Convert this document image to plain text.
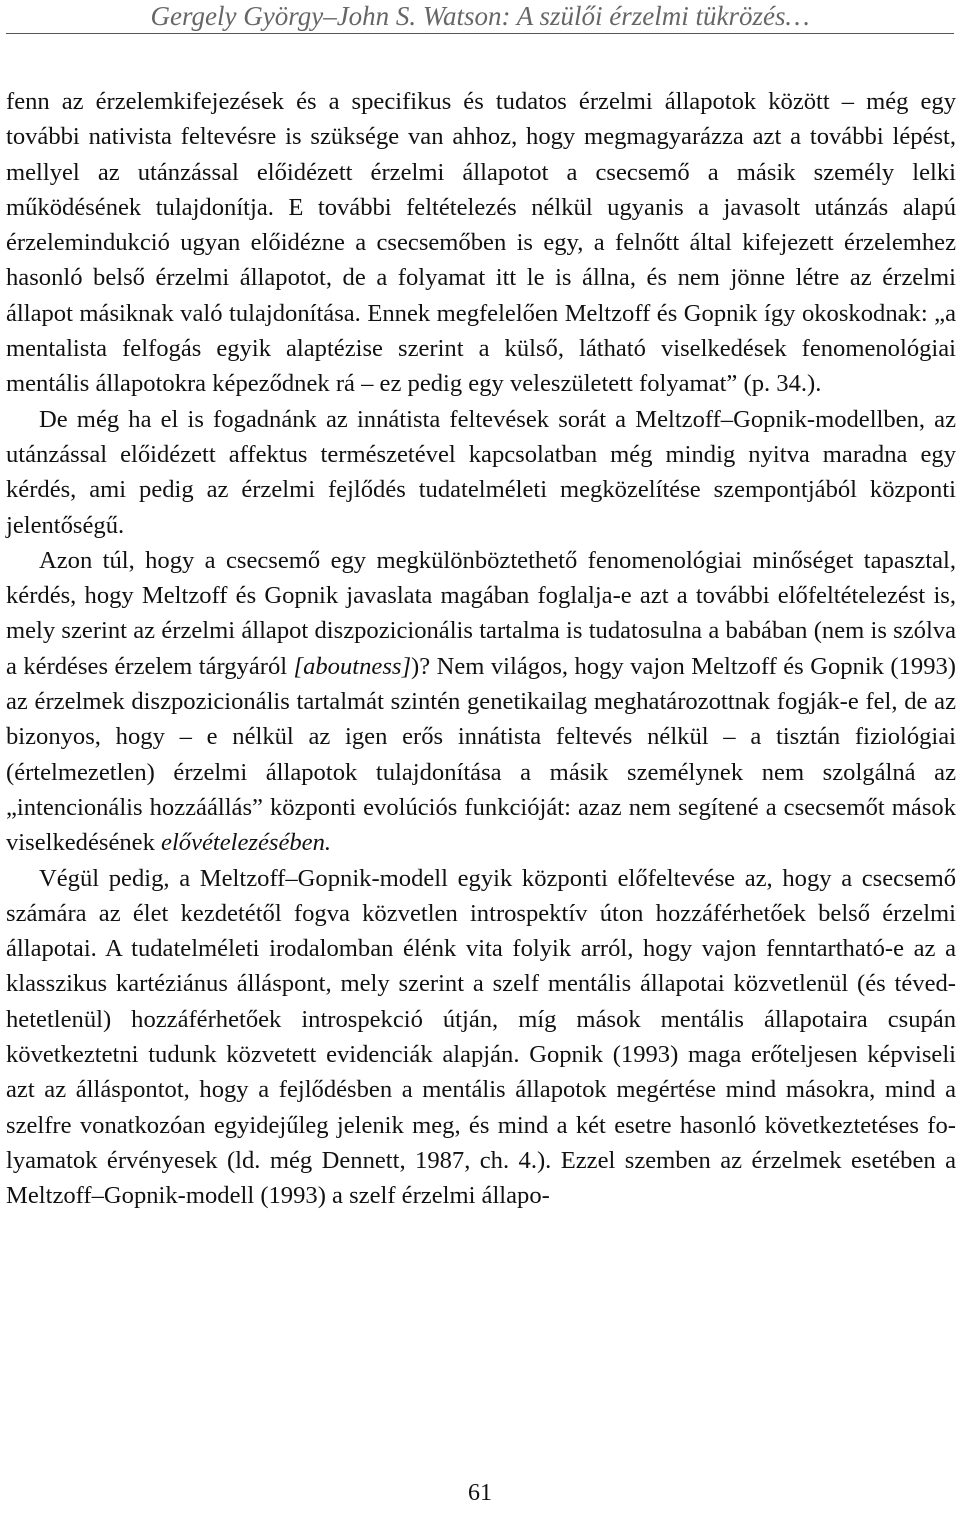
Gergely György–John S. Watson: A szülői érzelmi tükrözés…

fenn az érzelemkifejezések és a specifikus és tudatos érzelmi állapotok között – még egy további nativista feltevésre is szüksége van ahhoz, hogy megmagyarázza azt a további lépést, mellyel az utánzással előidézett érzelmi állapotot a csecsemő a másik személy lelki működésének tulajdonítja. E további feltételezés nélkül ugyanis a javasolt utánzás alapú érzelemindukció ugyan előidézne a csecsemőben is egy, a felnőtt által kifejezett érzelemhez hasonló belső érzelmi állapotot, de a folyamat itt le is állna, és nem jönne létre az érzelmi állapot másiknak való tulajdonítása. Ennek megfelelően Meltzoff és Gopnik így okoskodnak: „a mentalista felfogás egyik alaptézise szerint a külső, látható viselkedések fenomenológiai mentális állapotokra képeződnek rá – ez pedig egy veleszületett folyamat” (p. 34.).

De még ha el is fogadnánk az innátista feltevések sorát a Meltzoff–Gopnik-modellben, az utánzással előidézett affektus természetével kapcsolatban még mindig nyitva maradna egy kérdés, ami pedig az érzelmi fejlődés tudatelméleti megközelítése szempontjából központi jelentőségű.

Azon túl, hogy a csecsemő egy megkülönböztethető fenomenológiai minőséget tapasztal, kérdés, hogy Meltzoff és Gopnik javaslata magában foglalja-e azt a további előfeltételezést is, mely szerint az érzelmi állapot diszpozicionális tartalma is tudatosulna a babában (nem is szólva a kérdéses érzelem tárgyáról [aboutness])? Nem világos, hogy vajon Meltzoff és Gopnik (1993) az érzelmek diszpozicionális tartalmát szintén genetikailag meghatározottnak fogják-e fel, de az bizonyos, hogy – e nélkül az igen erős innátista feltevés nélkül – a tisztán fiziológiai (értelmezetlen) érzelmi állapotok tulajdonítása a másik személynek nem szolgálná az „intencionális hozzáállás” központi evolúciós funkcióját: azaz nem segítené a csecsemőt mások viselkedésének elővételezésében.

Végül pedig, a Meltzoff–Gopnik-modell egyik központi előfeltevése az, hogy a csecsemő számára az élet kezdetétől fogva közvetlen introspektív úton hozzáférhetőek belső érzelmi állapotai. A tudatelméleti irodalomban élénk vita folyik arról, hogy vajon fenntartható-e az a klasszikus kartéziánus álláspont, mely szerint a szelf mentális állapotai közvetlenül (és tévedhetetlenül) hozzáférhetőek introspekció útján, míg mások mentális állapotaira csupán következtetni tudunk közvetett evidenciák alapján. Gopnik (1993) maga erőteljesen képviseli azt az álláspontot, hogy a fejlődésben a mentális állapotok megértése mind másokra, mind a szelfre vonatkozóan egyidejűleg jelenik meg, és mind a két esetre hasonló következtetéses folyamatok érvényesek (ld. még Dennett, 1987, ch. 4.). Ezzel szemben az érzelmek esetében a Meltzoff–Gopnik-modell (1993) a szelf érzelmi állapo-

61
